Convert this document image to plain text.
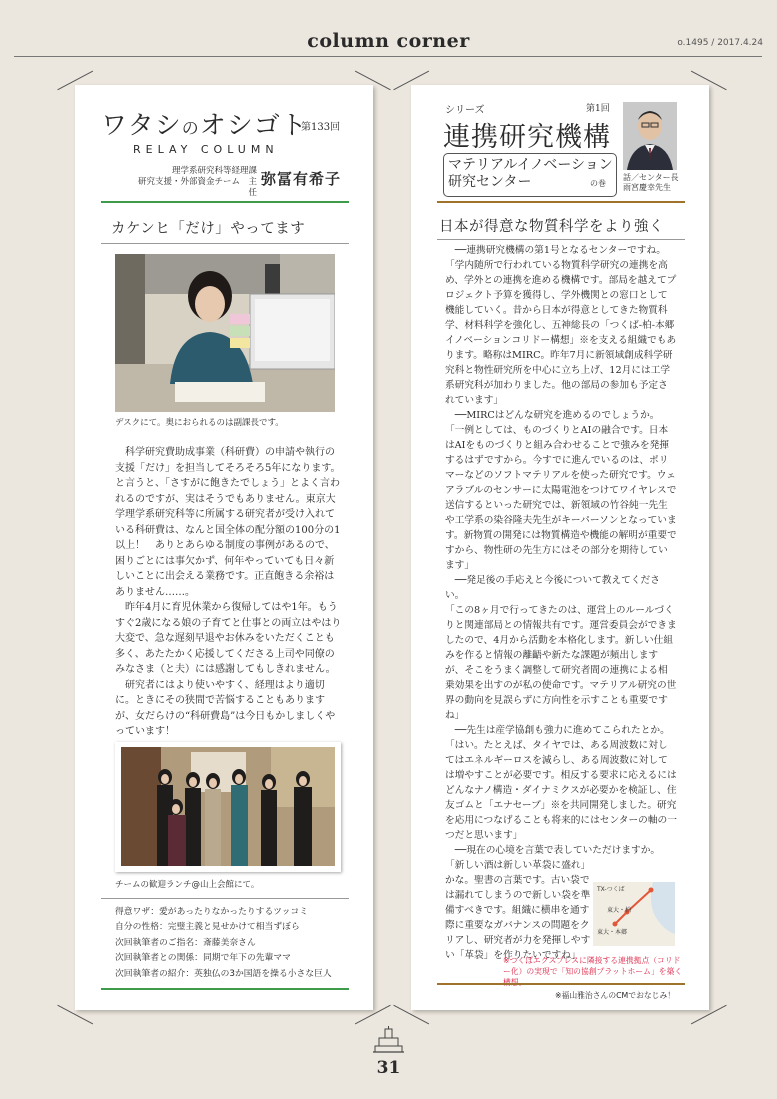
column corner	o.1495 / 2017.4.24
ワタシのオシゴト
第133回
RELAY COLUMN
理学系研究科等経理課
研究支援・外部資金チーム　主任
弥冨有希子
カケンヒ「だけ」やってます
デスクにて。奥におられるのは副課長です。

科学研究費助成事業（科研費）の申請や執行の支援「だけ」を担当してそろそろ5年になります。と言うと、「さすがに飽きたでしょう」とよく言われるのですが、実はそうでもありません。東京大学理学系研究科等に所属する研究者が受け入れている科研費は、なんと国全体の配分額の100分の1以上！　ありとあらゆる制度の事例があるので、困りごとには事欠かず、何年やっていても日々新しいことに出会える業務です。正直飽きる余裕はありません……。

昨年4月に育児休業から復帰してはや1年。もうすぐ2歳になる娘の子育てと仕事との両立はやはり大変で、急な遅刻早退やお休みをいただくことも多く、あたたかく応援してくださる上司や同僚のみなさま（と夫）には感謝してもしきれません。

研究者にはより使いやすく、経理はより適切に。ときにその狭間で苦悩することもありますが、女だらけの“科研費島”は今日もかしましくやっています！

チームの歓迎ランチ@山上会館にて。
得意ワザ：愛があったりなかったりするツッコミ
自分の性格：完璧主義と見せかけて相当ずぼら
次回執筆者のご指名：斎藤美奈さん
次回執筆者との関係：同期で年下の先輩ママ
次回執筆者の紹介：英独仏の3か国語を操る小さな巨人
シリーズ	第1回
連携研究機構
マテリアルイノベーション
研究センター	の巻
話／センター長
雨宮慶幸先生
日本が得意な物質科学をより強く

──連携研究機構の第1号となるセンターですね。

「学内随所で行われている物質科学研究の連携を高め、学外との連携を進める機構です。部局を越えてプロジェクト予算を獲得し、学外機関との窓口として機能していく。昔から日本が得意としてきた物質科学、材料科学を強化し、五神総長の「つくば-柏-本郷イノベーションコリドー構想」※を支える組織でもあります。略称はMIRC。昨年7月に新領域創成科学研究科と物性研究所を中心に立ち上げ、12月には工学系研究科が加わりました。他の部局の参加も予定されています」

──MIRCはどんな研究を進めるのでしょうか。

「一例としては、ものづくりとAIの融合です。日本はAIをものづくりと組み合わせることで強みを発揮するはずですから。今すでに進んでいるのは、ポリマーなどのソフトマテリアルを使った研究です。ウェアラブルのセンサーに太陽電池をつけてワイヤレスで送信するといった研究では、新領域の竹谷純一先生や工学系の染谷隆夫先生がキーパーソンとなっています。新物質の開発には物質構造や機能の解明が重要ですから、物性研の先生方にはその部分を期待しています」

──発足後の手応えと今後について教えてください。

「この8ヶ月で行ってきたのは、運営上のルールづくりと関連部局との情報共有です。運営委員会ができましたので、4月から活動を本格化します。新しい仕組みを作ると情報の離齬や新たな課題が頻出しますが、そこをうまく調整して研究者間の連携による相乗効果を出すのが私の使命です。マテリアル研究の世界の動向を見誤らずに方向性を示すことも重要ですね」

──先生は産学協創も強力に進めてこられたとか。

「はい。たとえば、タイヤでは、ある周波数に対してはエネルギーロスを減らし、ある周波数に対しては増やすことが必要です。相反する要求に応えるにはどんなナノ構造・ダイナミクスが必要かを検証し、住友ゴムと「エナセーブ」※を共同開発しました。研究を応用につなげることも将来的にはセンターの軸の一つだと思います」

──現在の心境を言葉で表していただけますか。

「新しい酒は新しい革袋に盛れ」かな。聖書の言葉です。古い袋では漏れてしまうので新しい袋を準備すべきです。組織に横串を通す際に重要なガバナンスの問題をクリアし、研究者が力を発揮しやすい「革袋」を作りたいですね」

TX-つくば
東大・柏
東大・本郷
※つくばエクスプレスに隣接する連携拠点（コリドー化）の実現で「知の協創プラットホーム」を築く構想。
※福山雅治さんのCMでおなじみ！
31
